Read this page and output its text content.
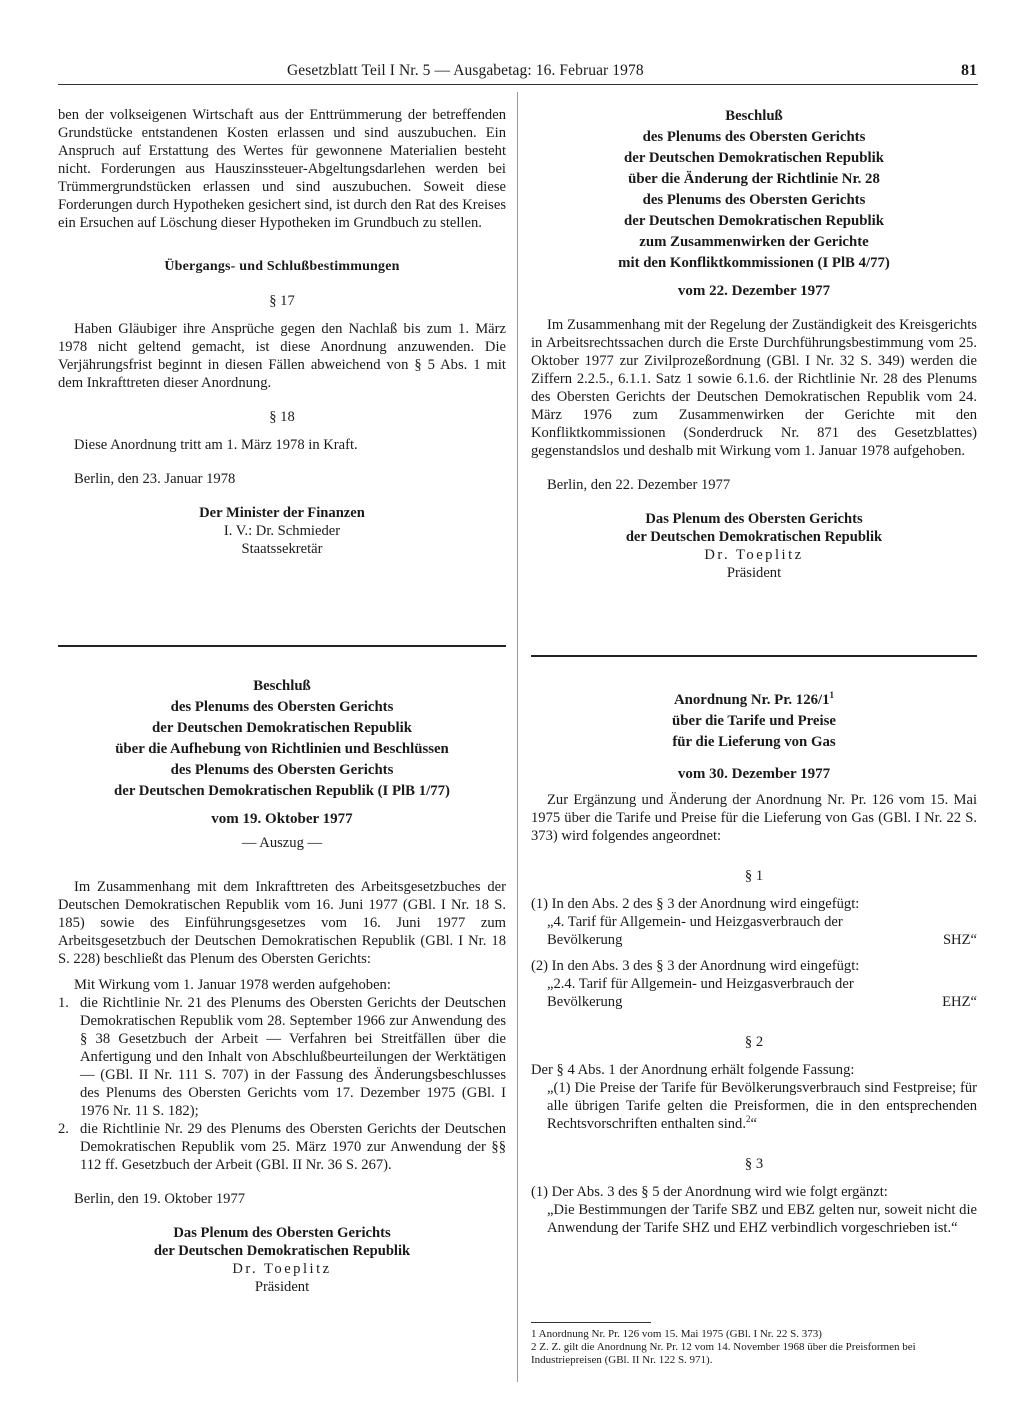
Gesetzblatt Teil I Nr. 5 — Ausgabetag: 16. Februar 1978	81

ben der volkseigenen Wirtschaft aus der Enttrümmerung der betreffenden Grundstücke entstandenen Kosten erlassen und sind auszubuchen. Ein Anspruch auf Erstattung des Wertes für gewonnene Materialien besteht nicht. Forderungen aus Hauszinssteuer-Abgeltungsdarlehen werden bei Trümmergrundstücken erlassen und sind auszubuchen. Soweit diese Forderungen durch Hypotheken gesichert sind, ist durch den Rat des Kreises ein Ersuchen auf Löschung dieser Hypotheken im Grundbuch zu stellen.

Übergangs- und Schlußbestimmungen

§ 17

Haben Gläubiger ihre Ansprüche gegen den Nachlaß bis zum 1. März 1978 nicht geltend gemacht, ist diese Anordnung anzuwenden. Die Verjährungsfrist beginnt in diesen Fällen abweichend von § 5 Abs. 1 mit dem Inkrafttreten dieser Anordnung.

§ 18

Diese Anordnung tritt am 1. März 1978 in Kraft.

Berlin, den 23. Januar 1978

Der Minister der Finanzen

I. V.: Dr. Schmieder

Staatssekretär

Beschluß

des Plenums des Obersten Gerichts

der Deutschen Demokratischen Republik

über die Änderung der Richtlinie Nr. 28

des Plenums des Obersten Gerichts

der Deutschen Demokratischen Republik

zum Zusammenwirken der Gerichte

mit den Konfliktkommissionen (I PlB 4/77)

vom 22. Dezember 1977

Im Zusammenhang mit der Regelung der Zuständigkeit des Kreisgerichts in Arbeitsrechtssachen durch die Erste Durchführungsbestimmung vom 25. Oktober 1977 zur Zivilprozeßordnung (GBl. I Nr. 32 S. 349) werden die Ziffern 2.2.5., 6.1.1. Satz 1 sowie 6.1.6. der Richtlinie Nr. 28 des Plenums des Obersten Gerichts der Deutschen Demokratischen Republik vom 24. März 1976 zum Zusammenwirken der Gerichte mit den Konfliktkommissionen (Sonderdruck Nr. 871 des Gesetzblattes) gegenstandslos und deshalb mit Wirkung vom 1. Januar 1978 aufgehoben.

Berlin, den 22. Dezember 1977

Das Plenum des Obersten Gerichts

der Deutschen Demokratischen Republik

Dr. Toeplitz

Präsident

Beschluß

des Plenums des Obersten Gerichts

der Deutschen Demokratischen Republik

über die Aufhebung von Richtlinien und Beschlüssen

des Plenums des Obersten Gerichts

der Deutschen Demokratischen Republik (I PlB 1/77)

vom 19. Oktober 1977

— Auszug —

Im Zusammenhang mit dem Inkrafttreten des Arbeitsgesetzbuches der Deutschen Demokratischen Republik vom 16. Juni 1977 (GBl. I Nr. 18 S. 185) sowie des Einführungsgesetzes vom 16. Juni 1977 zum Arbeitsgesetzbuch der Deutschen Demokratischen Republik (GBl. I Nr. 18 S. 228) beschließt das Plenum des Obersten Gerichts:

Mit Wirkung vom 1. Januar 1978 werden aufgehoben:

1. die Richtlinie Nr. 21 des Plenums des Obersten Gerichts der Deutschen Demokratischen Republik vom 28. September 1966 zur Anwendung des § 38 Gesetzbuch der Arbeit — Verfahren bei Streitfällen über die Anfertigung und den Inhalt von Abschlußbeurteilungen der Werktätigen — (GBl. II Nr. 111 S. 707) in der Fassung des Änderungsbeschlusses des Plenums des Obersten Gerichts vom 17. Dezember 1975 (GBl. I 1976 Nr. 11 S. 182);
2. die Richtlinie Nr. 29 des Plenums des Obersten Gerichts der Deutschen Demokratischen Republik vom 25. März 1970 zur Anwendung der §§ 112 ff. Gesetzbuch der Arbeit (GBl. II Nr. 36 S. 267).

Berlin, den 19. Oktober 1977

Das Plenum des Obersten Gerichts

der Deutschen Demokratischen Republik

Dr. Toeplitz

Präsident

Anordnung Nr. Pr. $126/1^1$

über die Tarife und Preise

für die Lieferung von Gas

vom 30. Dezember 1977

Zur Ergänzung und Änderung der Anordnung Nr. Pr. 126 vom 15. Mai 1975 über die Tarife und Preise für die Lieferung von Gas (GBl. I Nr. 22 S. 373) wird folgendes angeordnet:

§ 1

(1) In den Abs. 2 des § 3 der Anordnung wird eingefügt:

„4. Tarif für Allgemein- und Heizgasverbrauch der Bevölkerung	SHZ“

(2) In den Abs. 3 des § 3 der Anordnung wird eingefügt:

„2.4. Tarif für Allgemein- und Heizgasverbrauch der Bevölkerung	EHZ“

§ 2

Der § 4 Abs. 1 der Anordnung erhält folgende Fassung:

„(1) Die Preise der Tarife für Bevölkerungsverbrauch sind Festpreise; für alle übrigen Tarife gelten die Preisformen, die in den entsprechenden Rechtsvorschriften enthalten sind.$^2$“

§ 3

(1) Der Abs. 3 des § 5 der Anordnung wird wie folgt ergänzt:

„Die Bestimmungen der Tarife SBZ und EBZ gelten nur, soweit nicht die Anwendung der Tarife SHZ und EHZ verbindlich vorgeschrieben ist.“

1 Anordnung Nr. Pr. 126 vom 15. Mai 1975 (GBl. I Nr. 22 S. 373)

2 Z. Z. gilt die Anordnung Nr. Pr. 12 vom 14. November 1968 über die Preisformen bei Industriepreisen (GBl. II Nr. 122 S. 971).
